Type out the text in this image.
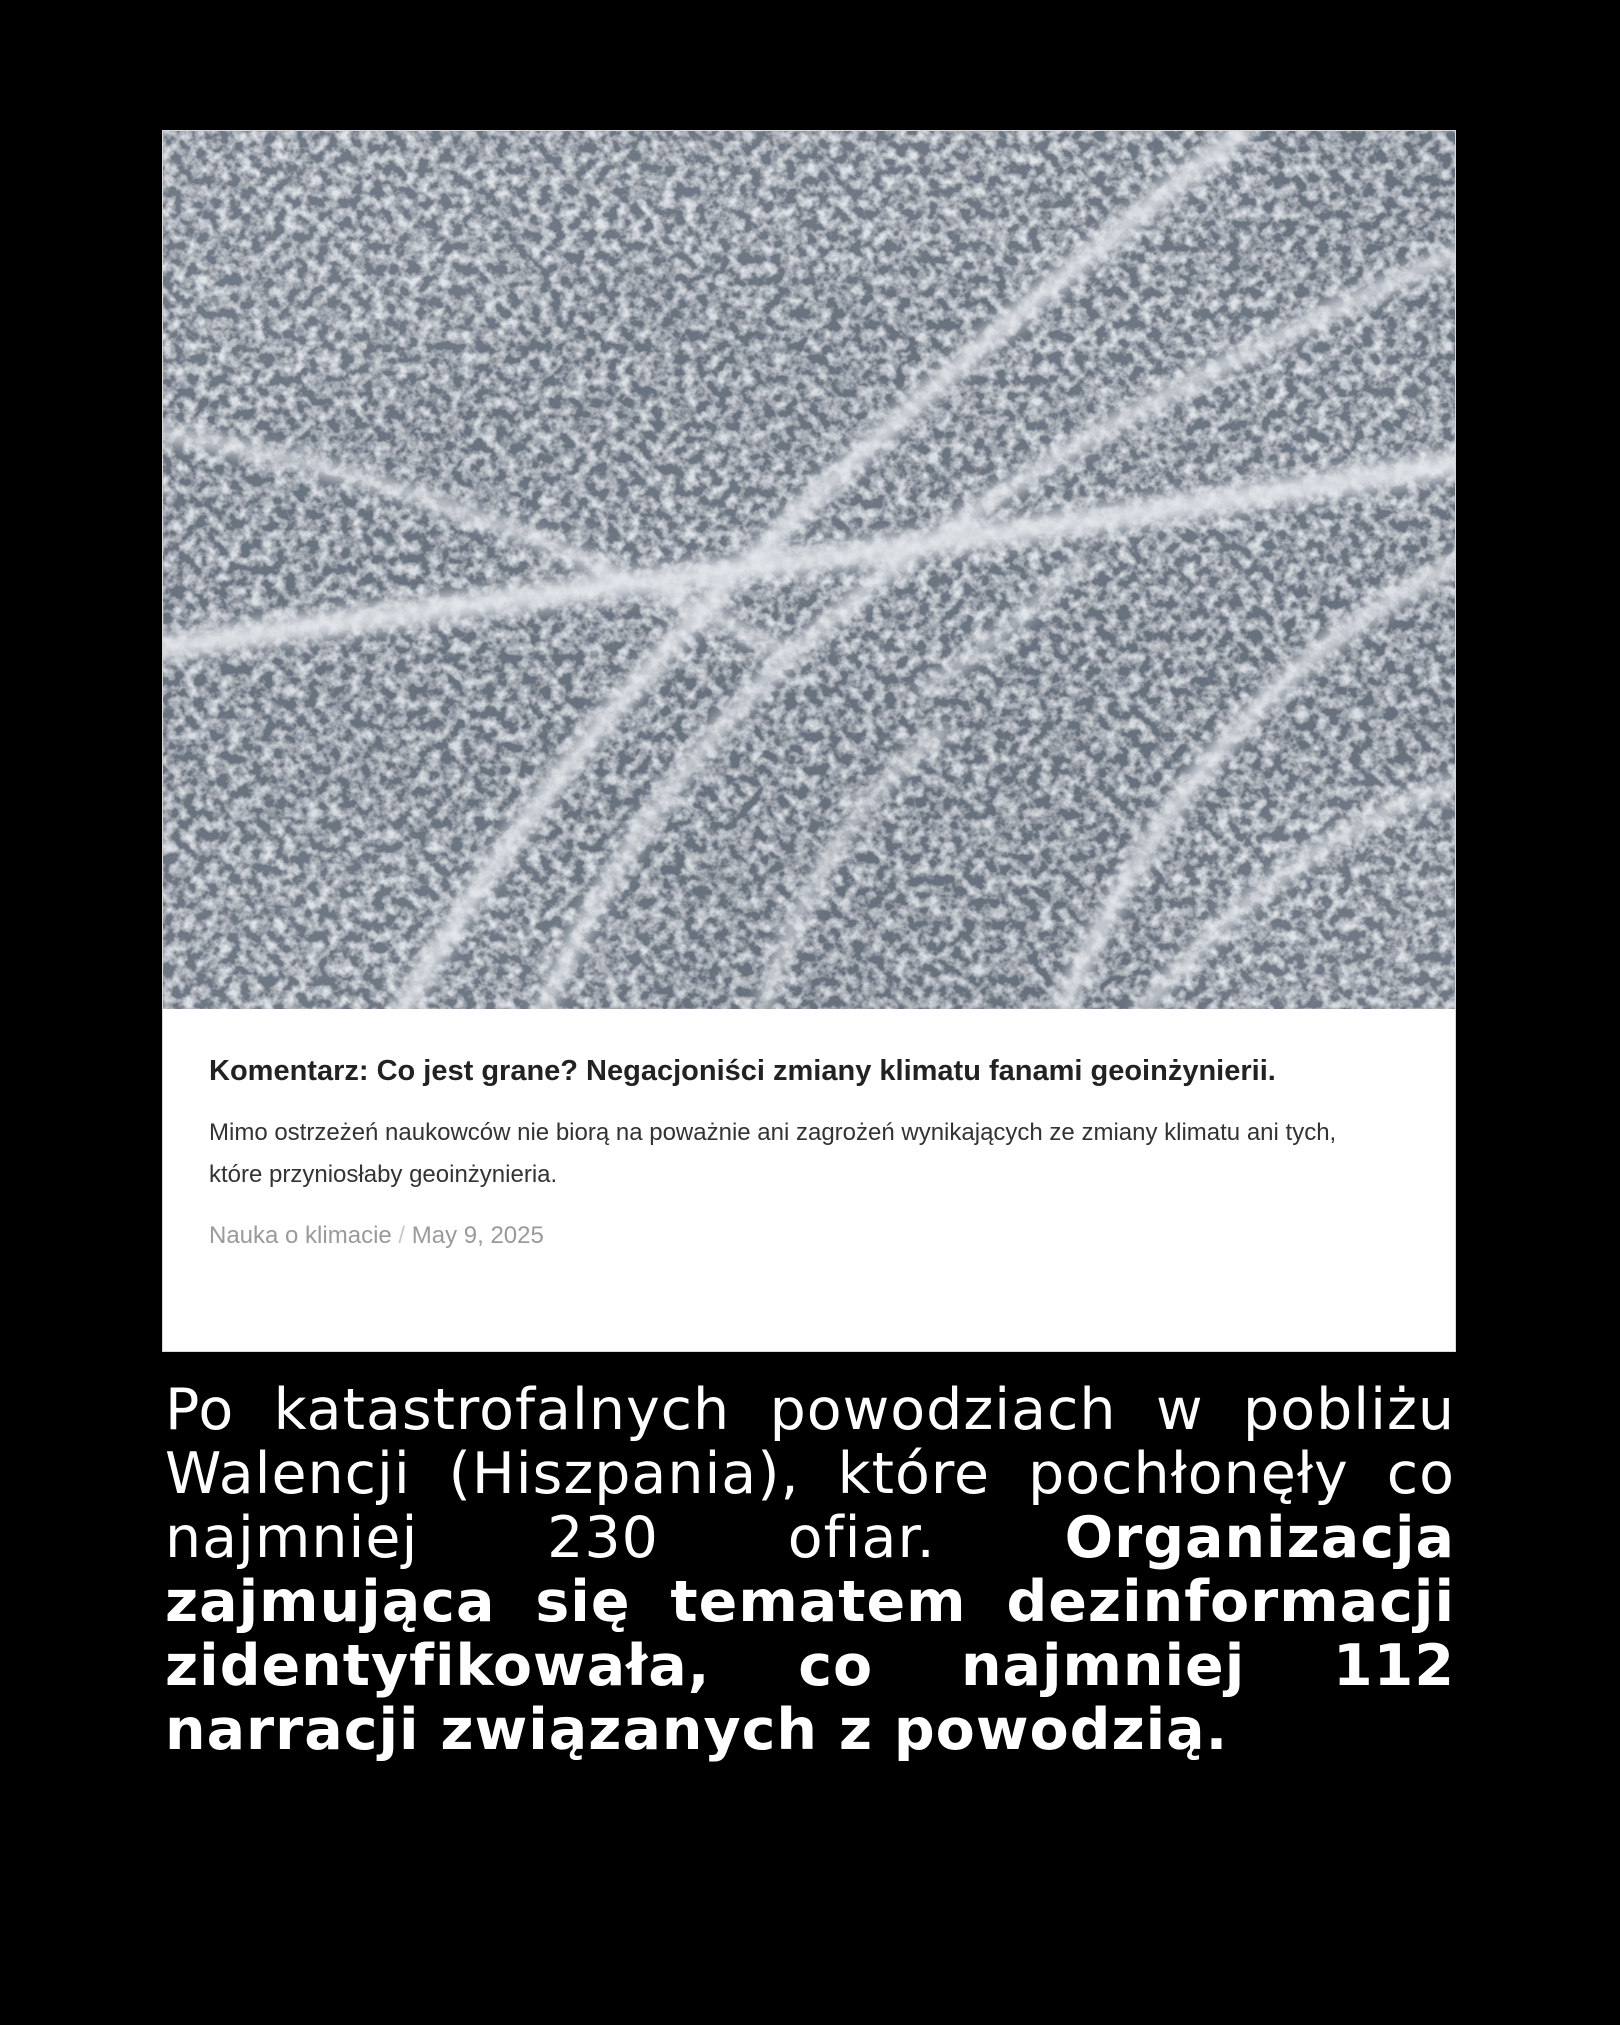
Komentarz: Co jest grane? Negacjoniści zmiany klimatu fanami geoinżynierii.

Mimo ostrzeżeń naukowców nie biorą na poważnie ani zagrożeń wynikających ze zmiany klimatu ani tych, które przyniosłaby geoinżynieria.

Nauka o klimacie / May 9, 2025

Po katastrofalnych powodziach w pobliżu Walencji (Hiszpania), które pochłonęły co najmniej 230 ofiar. Organizacja zajmująca się tematem dezinformacji zidentyfikowała, co najmniej 112 narracji związanych z powodzią.
